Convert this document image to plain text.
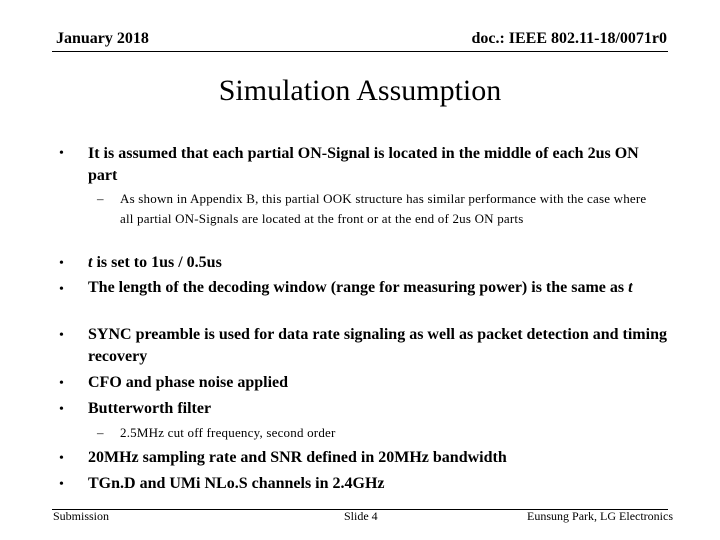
January 2018	doc.: IEEE 802.11-18/0071r0
Simulation Assumption
• It is assumed that each partial ON-Signal is located in the middle of each 2us ON part
– As shown in Appendix B, this partial OOK structure has similar performance with the case where all partial ON-Signals are located at the front or at the end of 2us ON parts
• t is set to 1us / 0.5us
• The length of the decoding window (range for measuring power) is the same as t
• SYNC preamble is used for data rate signaling as well as packet detection and timing recovery
• CFO and phase noise applied
• Butterworth filter
– 2.5MHz cut off frequency, second order
• 20MHz sampling rate and SNR defined in 20MHz bandwidth
• TGn.D and UMi NLo.S channels in 2.4GHz
Submission	Slide 4	Eunsung Park, LG Electronics
